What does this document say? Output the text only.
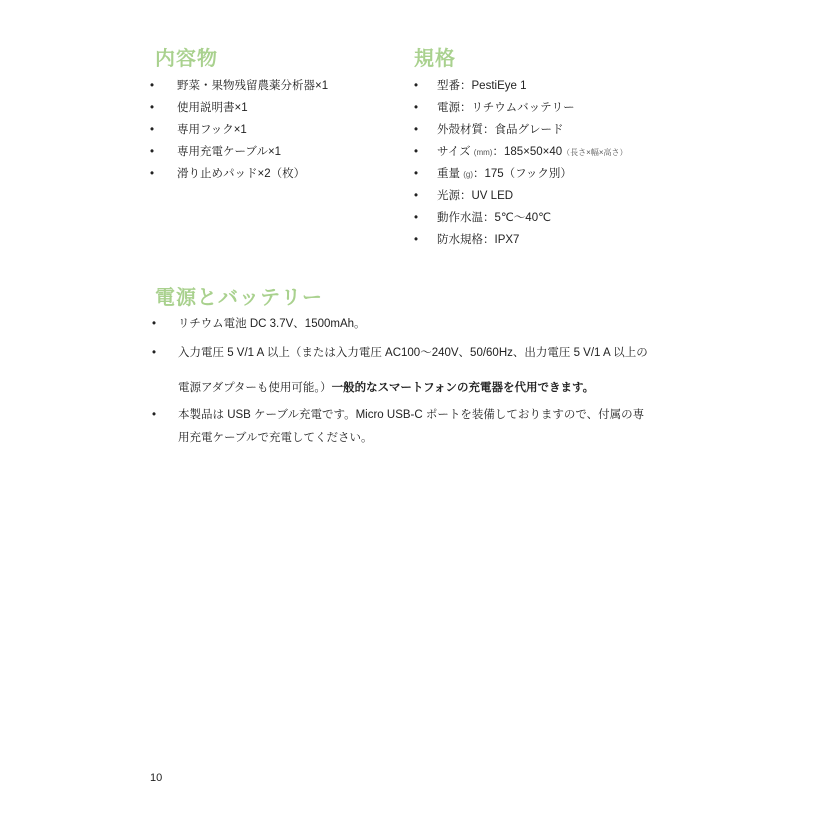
内容物
• 野菜・果物残留農薬分析器×1
• 使用説明書×1
• 専用フック×1
• 専用充電ケーブル×1
• 滑り止めパッド×2（枚）
規格
• 型番：PestiEye 1
• 電源：リチウムバッテリー
• 外殻材質：食品グレード
• サイズ (mm)：185×50×40（長さ×幅×高さ）
• 重量 (g)：175（フック別）
• 光源：UV LED
• 動作水温：5℃〜40℃
• 防水規格：IPX7
電源とバッテリー
• リチウム電池 DC 3.7V、1500mAh。
• 入力電圧 5 V/1 A 以上（または入力電圧 AC100〜240V、50/60Hz、出力電圧 5 V/1 A 以上の
電源アダプターも使用可能。）一般的なスマートフォンの充電器を代用できます。
• 本製品は USB ケーブル充電です。Micro USB-C ポートを装備しておりますので、付属の専
用充電ケーブルで充電してください。
10
